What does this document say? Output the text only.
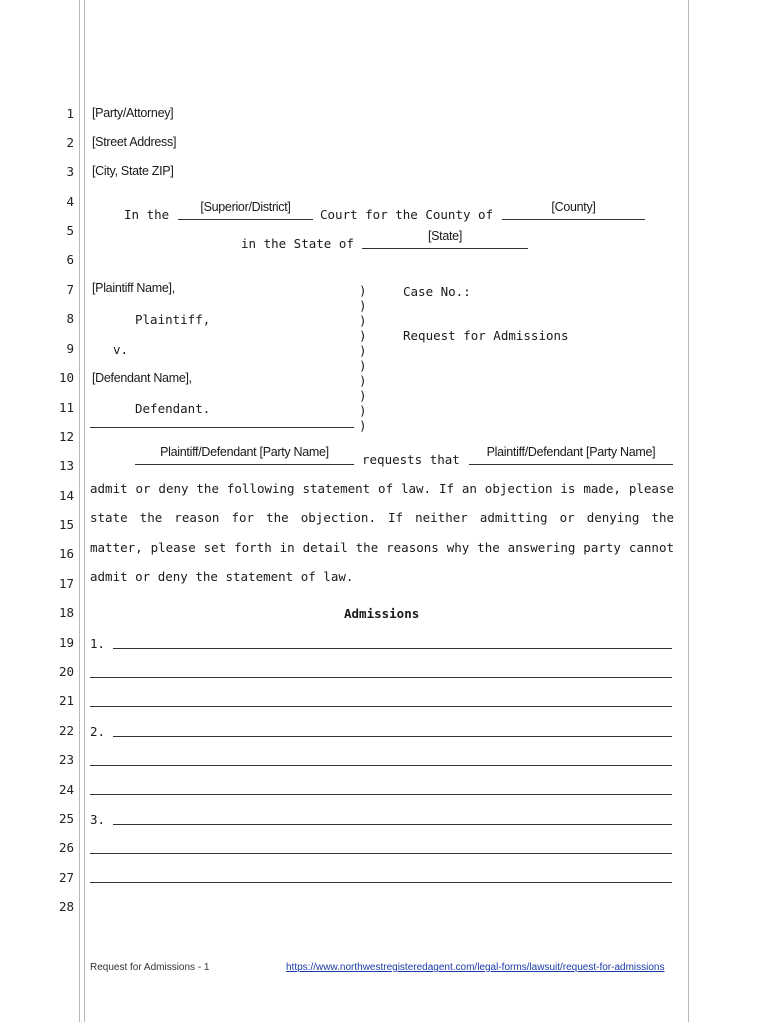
1
2
3
4
5
6
7
8
9
10
11
12
13
14
15
16
17
18
19
20
21
22
23
24
25
26
27
28
[Party/Attorney]
[Street Address]
[City, State ZIP]
In the	[Superior/District]	Court for the County of	[County]
in the State of	[State]
[Plaintiff Name],
Plaintiff,
v.
[Defendant Name],
Defendant.
)
)
)
)
)
)
)
)
)
)
Case No.:
Request for Admissions
Plaintiff/Defendant [Party Name]	requests that	Plaintiff/Defendant [Party Name]
admit or deny the following statement of law. If an objection is made, please
state the reason for the objection. If neither admitting or denying the
matter, please set forth in detail the reasons why the answering party cannot
admit or deny the statement of law.
Admissions
1.
2.
3.
Request for Admissions - 1	https://www.northwestregisteredagent.com/legal-forms/lawsuit/request-for-admissions
